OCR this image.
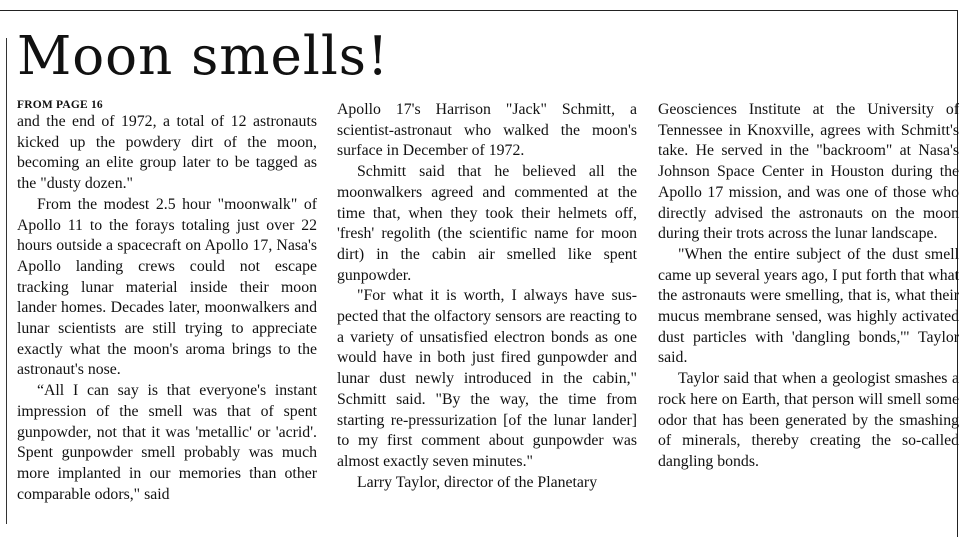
Moon smells!
FROM PAGE 16

and the end of 1972, a total of 12 astronauts kicked up the powdery dirt of the moon, becoming an elite group later to be tagged as the "dusty dozen."

From the modest 2.5 hour "moonwalk" of Apollo 11 to the forays totaling just over 22 hours outside a spacecraft on Apollo 17, Nasa's Apollo landing crews could not escape tracking lunar material inside their moon lander homes. Decades later, moonwalkers and lunar scientists are still trying to appreciate exactly what the moon's aroma brings to the astronaut's nose.

“All I can say is that everyone's instant impression of the smell was that of spent gunpowder, not that it was 'metallic' or 'acrid'. Spent gunpowder smell probably was much more implanted in our memories than other comparable odors," said

Apollo 17's Harrison "Jack" Schmitt, a scientist-astronaut who walked the moon's surface in December of 1972.

Schmitt said that he believed all the moonwalkers agreed and commented at the time that, when they took their helmets off, 'fresh' regolith (the scientific name for moon dirt) in the cabin air smelled like spent gunpowder.

"For what it is worth, I always have suspected that the olfactory sensors are reacting to a variety of unsatisfied electron bonds as one would have in both just fired gunpowder and lunar dust newly introduced in the cabin," Schmitt said. "By the way, the time from starting re-pressurization [of the lunar lander] to my first comment about gunpowder was almost exactly seven minutes."

Larry Taylor, director of the Planetary

Geosciences Institute at the University of Tennessee in Knoxville, agrees with Schmitt's take. He served in the "backroom" at Nasa's Johnson Space Center in Houston during the Apollo 17 mission, and was one of those who directly advised the astronauts on the moon during their trots across the lunar landscape.

"When the entire subject of the dust smell came up several years ago, I put forth that what the astronauts were smelling, that is, what their mucus membrane sensed, was highly activated dust particles with 'dangling bonds,'" Taylor said.

Taylor said that when a geologist smashes a rock here on Earth, that person will smell some odor that has been generated by the smashing of minerals, thereby creating the so-called dangling bonds.
